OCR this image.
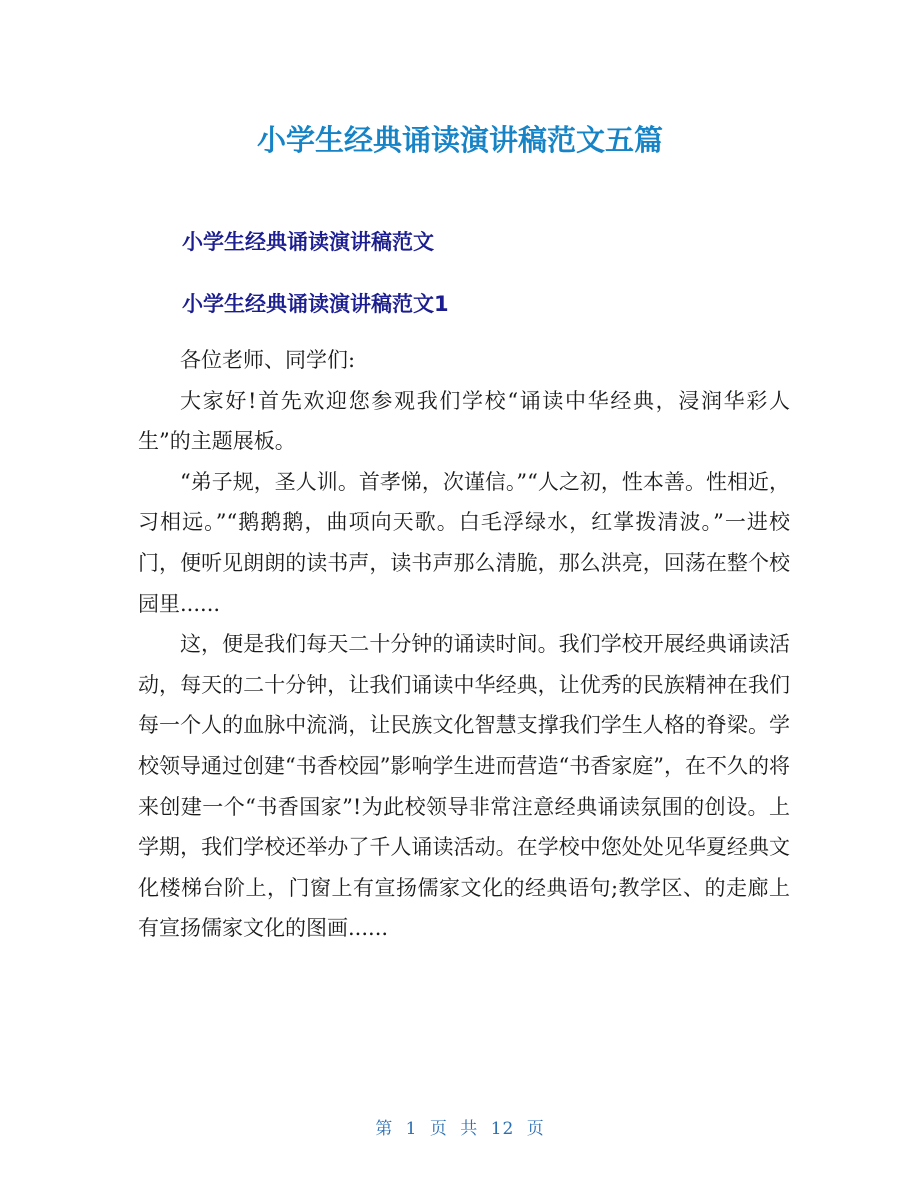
小学生经典诵读演讲稿范文五篇
小学生经典诵读演讲稿范文
小学生经典诵读演讲稿范文1

各位老师、同学们:

大家好!首先欢迎您参观我们学校“诵读中华经典，浸润华彩人生”的主题展板。

“弟子规，圣人训。首孝悌，次谨信。”“人之初，性本善。性相近，习相远。”“鹅鹅鹅，曲项向天歌。白毛浮绿水，红掌拨清波。”一进校门，便听见朗朗的读书声，读书声那么清脆，那么洪亮，回荡在整个校园里......

这，便是我们每天二十分钟的诵读时间。我们学校开展经典诵读活动，每天的二十分钟，让我们诵读中华经典，让优秀的民族精神在我们每一个人的血脉中流淌，让民族文化智慧支撑我们学生人格的脊梁。学校领导通过创建“书香校园”影响学生进而营造“书香家庭”，在不久的将来创建一个“书香国家”!为此校领导非常注意经典诵读氛围的创设。上学期，我们学校还举办了千人诵读活动。在学校中您处处见华夏经典文化楼梯台阶上，门窗上有宣扬儒家文化的经典语句;教学区、的走廊上有宣扬儒家文化的图画......

第 1 页 共 12 页
